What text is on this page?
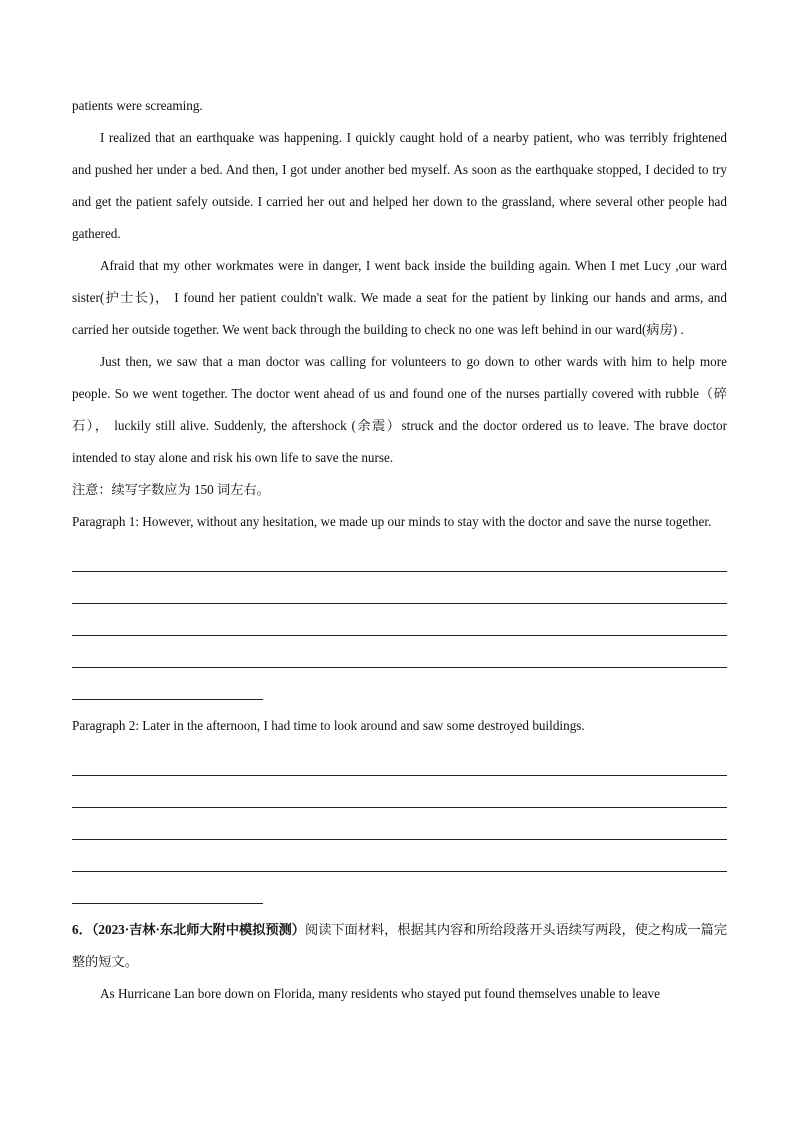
patients were screaming.

I realized that an earthquake was happening. I quickly caught hold of a nearby patient, who was terribly frightened and pushed her under a bed. And then, I got under another bed myself. As soon as the earthquake stopped, I decided to try and get the patient safely outside. I carried her out and helped her down to the grassland, where several other people had gathered.

Afraid that my other workmates were in danger, I went back inside the building again. When I met Lucy ,our ward sister(护士长)， I found her patient couldn't walk. We made a seat for the patient by linking our hands and arms, and carried her outside together. We went back through the building to check no one was left behind in our ward(病房) .

Just then, we saw that a man doctor was calling for volunteers to go down to other wards with him to help more people. So we went together. The doctor went ahead of us and found one of the nurses partially covered with rubble（碎石）， luckily still alive. Suddenly, the aftershock (余震）struck and the doctor ordered us to leave. The brave doctor intended to stay alone and risk his own life to save the nurse.

注意：续写字数应为 150 词左右。

Paragraph 1: However, without any hesitation, we made up our minds to stay with the doctor and save the nurse together.

Paragraph 2: Later in the afternoon, I had time to look around and saw some destroyed buildings.

6．（2023·吉林·东北师大附中模拟预测）阅读下面材料，根据其内容和所给段落开头语续写两段，使之构成一篇完整的短文。

As Hurricane Lan bore down on Florida, many residents who stayed put found themselves unable to leave
